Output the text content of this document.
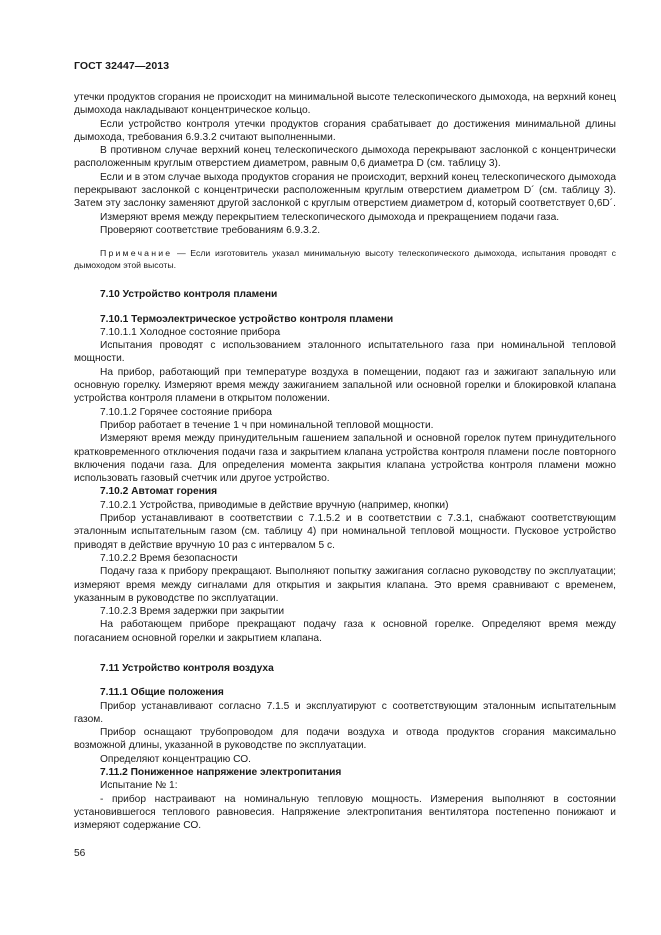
ГОСТ 32447—2013

утечки продуктов сгорания не происходит на минимальной высоте телескопического дымохода, на верхний конец дымохода накладывают концентрическое кольцо.

Если устройство контроля утечки продуктов сгорания срабатывает до достижения минимальной длины дымохода, требования 6.9.3.2 считают выполненными.

В противном случае верхний конец телескопического дымохода перекрывают заслонкой с концентрически расположенным круглым отверстием диаметром, равным 0,6 диаметра D (см. таблицу 3).

Если и в этом случае выхода продуктов сгорания не происходит, верхний конец телескопического дымохода перекрывают заслонкой с концентрически расположенным круглым отверстием диаметром D´ (см. таблицу 3). Затем эту заслонку заменяют другой заслонкой с круглым отверстием диаметром d, который соответствует 0,6D´.

Измеряют время между перекрытием телескопического дымохода и прекращением подачи газа.

Проверяют соответствие требованиям 6.9.3.2.

Примечание — Если изготовитель указал минимальную высоту телескопического дымохода, испытания проводят с дымоходом этой высоты.

7.10 Устройство контроля пламени

7.10.1 Термоэлектрическое устройство контроля пламени

7.10.1.1 Холодное состояние прибора

Испытания проводят с использованием эталонного испытательного газа при номинальной тепловой мощности.

На прибор, работающий при температуре воздуха в помещении, подают газ и зажигают запальную или основную горелку. Измеряют время между зажиганием запальной или основной горелки и блокировкой клапана устройства контроля пламени в открытом положении.

7.10.1.2 Горячее состояние прибора

Прибор работает в течение 1 ч при номинальной тепловой мощности.

Измеряют время между принудительным гашением запальной и основной горелок путем принудительного кратковременного отключения подачи газа и закрытием клапана устройства контроля пламени после повторного включения подачи газа. Для определения момента закрытия клапана устройства контроля пламени можно использовать газовый счетчик или другое устройство.

7.10.2 Автомат горения

7.10.2.1 Устройства, приводимые в действие вручную (например, кнопки)

Прибор устанавливают в соответствии с 7.1.5.2 и в соответствии с 7.3.1, снабжают соответствующим эталонным испытательным газом (см. таблицу 4) при номинальной тепловой мощности. Пусковое устройство приводят в действие вручную 10 раз с интервалом 5 с.

7.10.2.2 Время безопасности

Подачу газа к прибору прекращают. Выполняют попытку зажигания согласно руководству по эксплуатации; измеряют время между сигналами для открытия и закрытия клапана. Это время сравнивают с временем, указанным в руководстве по эксплуатации.

7.10.2.3 Время задержки при закрытии

На работающем приборе прекращают подачу газа к основной горелке. Определяют время между погасанием основной горелки и закрытием клапана.

7.11 Устройство контроля воздуха

7.11.1 Общие положения

Прибор устанавливают согласно 7.1.5 и эксплуатируют с соответствующим эталонным испытательным газом.

Прибор оснащают трубопроводом для подачи воздуха и отвода продуктов сгорания максимально возможной длины, указанной в руководстве по эксплуатации.

Определяют концентрацию СО.

7.11.2 Пониженное напряжение электропитания

Испытание № 1:

- прибор настраивают на номинальную тепловую мощность. Измерения выполняют в состоянии установившегося теплового равновесия. Напряжение электропитания вентилятора постепенно понижают и измеряют содержание СО.

56
